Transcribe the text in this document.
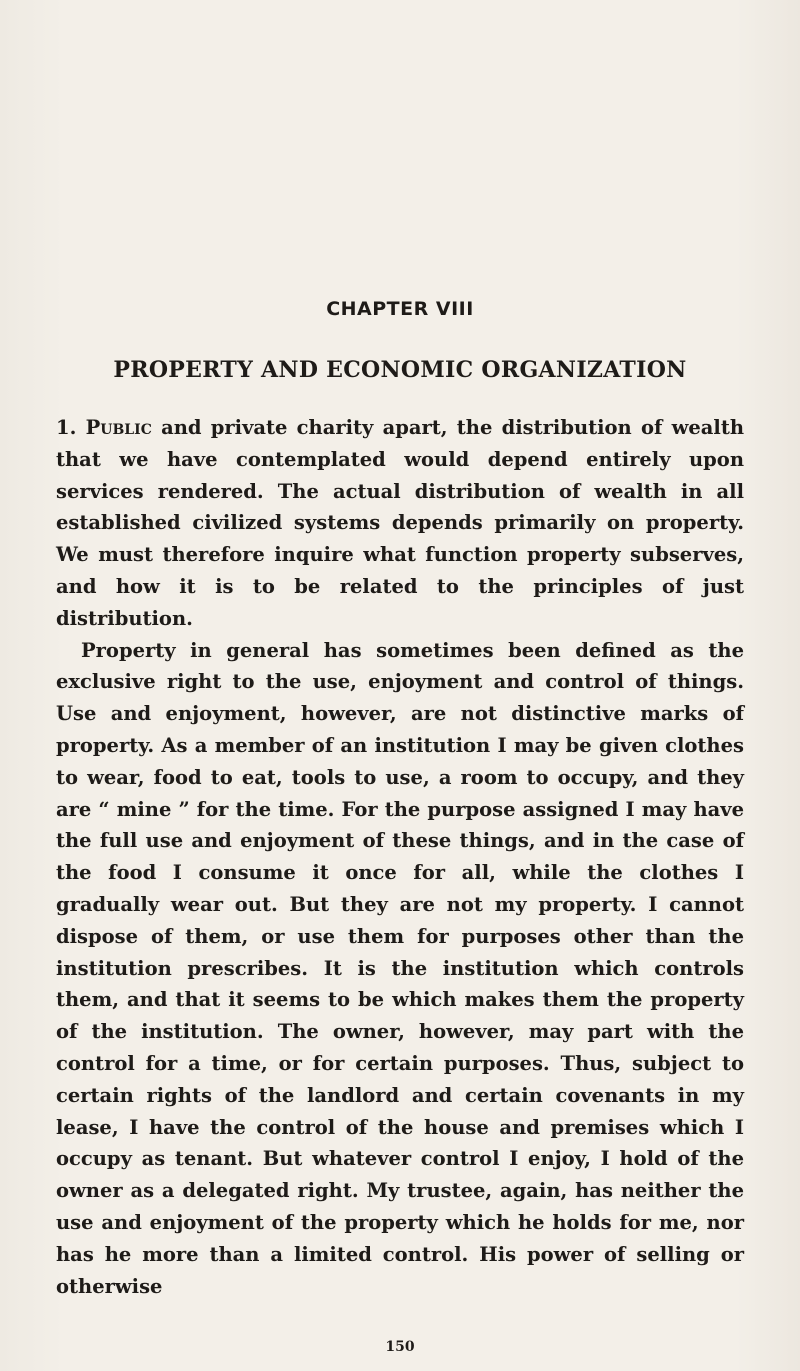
CHAPTER VIII
PROPERTY AND ECONOMIC ORGANIZATION

1. Public and private charity apart, the distribution of wealth that we have contemplated would depend entirely upon services rendered. The actual distribution of wealth in all established civilized systems depends primarily on property. We must therefore inquire what function property subserves, and how it is to be related to the principles of just distribution.

Property in general has sometimes been defined as the exclusive right to the use, enjoyment and control of things. Use and enjoyment, however, are not distinctive marks of property. As a member of an institution I may be given clothes to wear, food to eat, tools to use, a room to occupy, and they are “ mine ” for the time. For the purpose assigned I may have the full use and enjoyment of these things, and in the case of the food I consume it once for all, while the clothes I gradually wear out. But they are not my property. I cannot dispose of them, or use them for purposes other than the institution prescribes. It is the institution which controls them, and that it seems to be which makes them the property of the institution. The owner, however, may part with the control for a time, or for certain purposes. Thus, subject to certain rights of the landlord and certain covenants in my lease, I have the control of the house and premises which I occupy as tenant. But whatever control I enjoy, I hold of the owner as a delegated right. My trustee, again, has neither the use and enjoyment of the property which he holds for me, nor has he more than a limited control. His power of selling or otherwise

150
